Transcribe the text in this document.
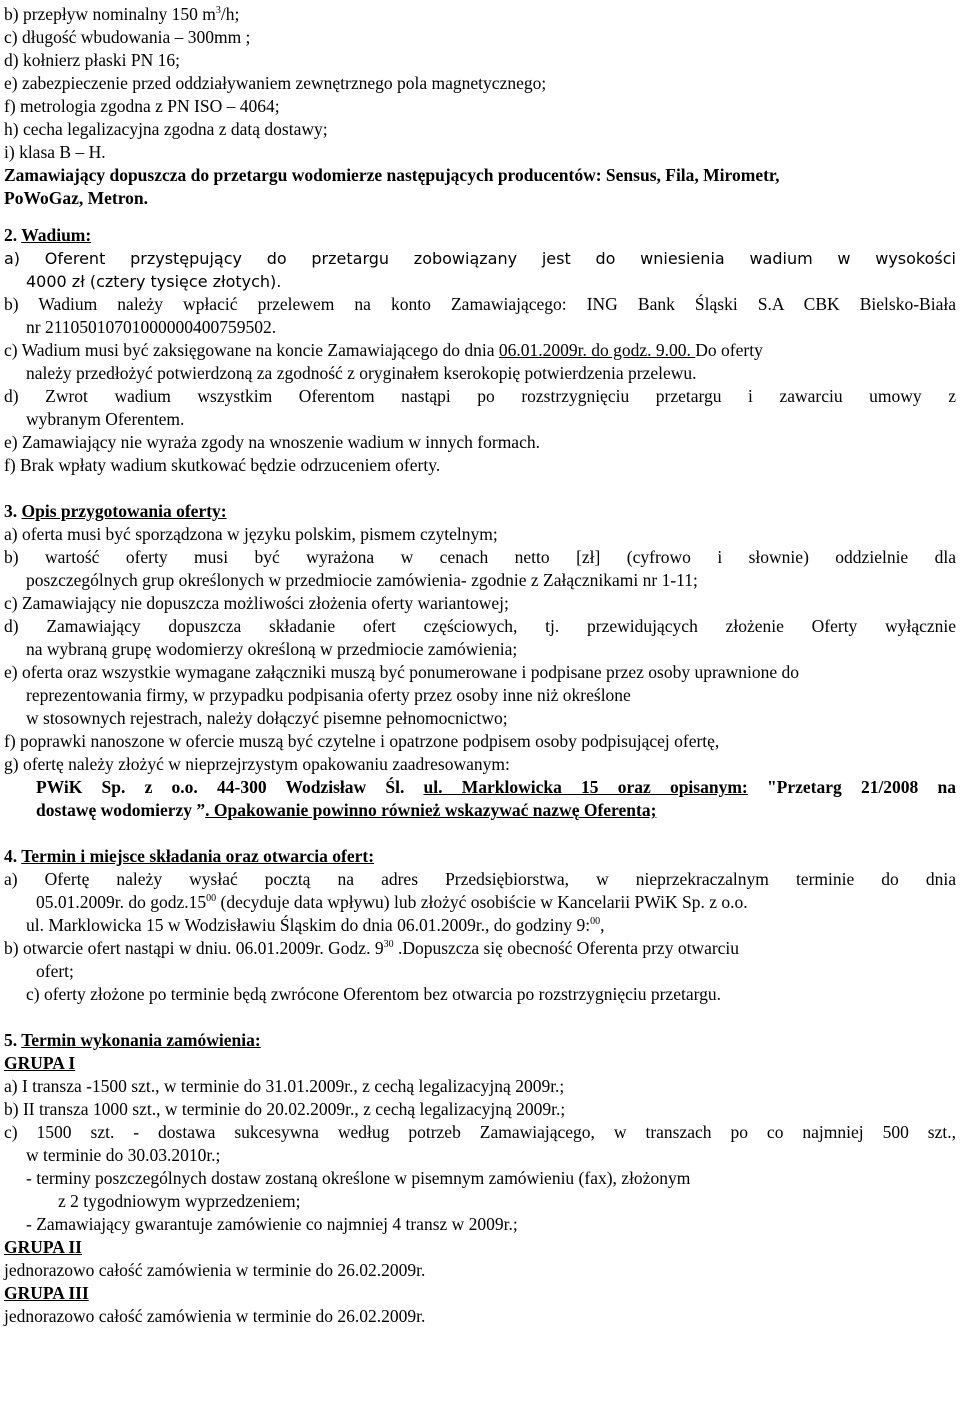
b) przepływ nominalny 150 $m^3/h$;
c) długość wbudowania – 300mm ;
d) kołnierz płaski PN 16;
e) zabezpieczenie przed oddziaływaniem zewnętrznego pola magnetycznego;
f) metrologia zgodna z PN ISO – 4064;
h) cecha legalizacyjna zgodna z datą dostawy;
i) klasa B – H.
Zamawiający dopuszcza do przetargu wodomierze następujących producentów: Sensus, Fila, Mirometr,
PoWoGaz, Metron.
2. Wadium:
a) Oferent przystępujący do przetargu zobowiązany jest do wniesienia wadium w wysokości
4000 zł (cztery tysięce złotych).
b) Wadium należy wpłacić przelewem na konto Zamawiającego: ING Bank Śląski S.A CBK Bielsko-Biała
nr 21105010701000000400759502.
c) Wadium musi być zaksięgowane na koncie Zamawiającego do dnia 06.01.2009r. do godz. 9.00. Do oferty
należy przedłożyć potwierdzoną za zgodność z oryginałem kserokopię potwierdzenia przelewu.
d) Zwrot wadium wszystkim Oferentom nastąpi po rozstrzygnięciu przetargu i zawarciu umowy z
wybranym Oferentem.
e) Zamawiający nie wyraża zgody na wnoszenie wadium w innych formach.
f) Brak wpłaty wadium skutkować będzie odrzuceniem oferty.
3. Opis przygotowania oferty:
a) oferta musi być sporządzona w języku polskim, pismem czytelnym;
b) wartość oferty musi być wyrażona w cenach netto [zł] (cyfrowo i słownie) oddzielnie dla
poszczególnych grup określonych w przedmiocie zamówienia- zgodnie z Załącznikami nr 1-11;
c) Zamawiający nie dopuszcza możliwości złożenia oferty wariantowej;
d) Zamawiający dopuszcza składanie ofert częściowych, tj. przewidujących złożenie Oferty wyłącznie
na wybraną grupę wodomierzy określoną w przedmiocie zamówienia;
e) oferta oraz wszystkie wymagane załączniki muszą być ponumerowane i podpisane przez osoby uprawnione do
reprezentowania firmy, w przypadku podpisania oferty przez osoby inne niż określone
w stosownych rejestrach, należy dołączyć pisemne pełnomocnictwo;
f) poprawki nanoszone w ofercie muszą być czytelne i opatrzone podpisem osoby podpisującej ofertę,
g) ofertę należy złożyć w nieprzejrzystym opakowaniu zaadresowanym:
PWiK Sp. z o.o. 44-300 Wodzisław Śl. ul. Marklowicka 15 oraz opisanym: "Przetarg 21/2008 na
dostawę wodomierzy ”. Opakowanie powinno również wskazywać nazwę Oferenta;
4. Termin i miejsce składania oraz otwarcia ofert:
a) Ofertę należy wysłać pocztą na adres Przedsiębiorstwa, w nieprzekraczalnym terminie do dnia
05.01.2009r. do $godz.15^{00}$ (decyduje data wpływu) lub złożyć osobiście w Kancelarii PWiK Sp. z o.o.
ul. Marklowicka 15 w Wodzisławiu Śląskim do dnia 06.01.2009r., do godziny 9:$^{00}$,
b) otwarcie ofert nastąpi w dniu. 06.01.2009r. Godz. $9^{30}$ .Dopuszcza się obecność Oferenta przy otwarciu
ofert;
c) oferty złożone po terminie będą zwrócone Oferentom bez otwarcia po rozstrzygnięciu przetargu.
5. Termin wykonania zamówienia:
GRUPA I
a) I transza -1500 szt., w terminie do 31.01.2009r., z cechą legalizacyjną 2009r.;
b) II transza 1000 szt., w terminie do 20.02.2009r., z cechą legalizacyjną 2009r.;
c) 1500 szt. - dostawa sukcesywna według potrzeb Zamawiającego, w transzach po co najmniej 500 szt.,
w terminie do 30.03.2010r.;
- terminy poszczególnych dostaw zostaną określone w pisemnym zamówieniu (fax), złożonym
z 2 tygodniowym wyprzedzeniem;
- Zamawiający gwarantuje zamówienie co najmniej 4 transz w 2009r.;
GRUPA II
jednorazowo całość zamówienia w terminie do 26.02.2009r.
GRUPA III
jednorazowo całość zamówienia w terminie do 26.02.2009r.
